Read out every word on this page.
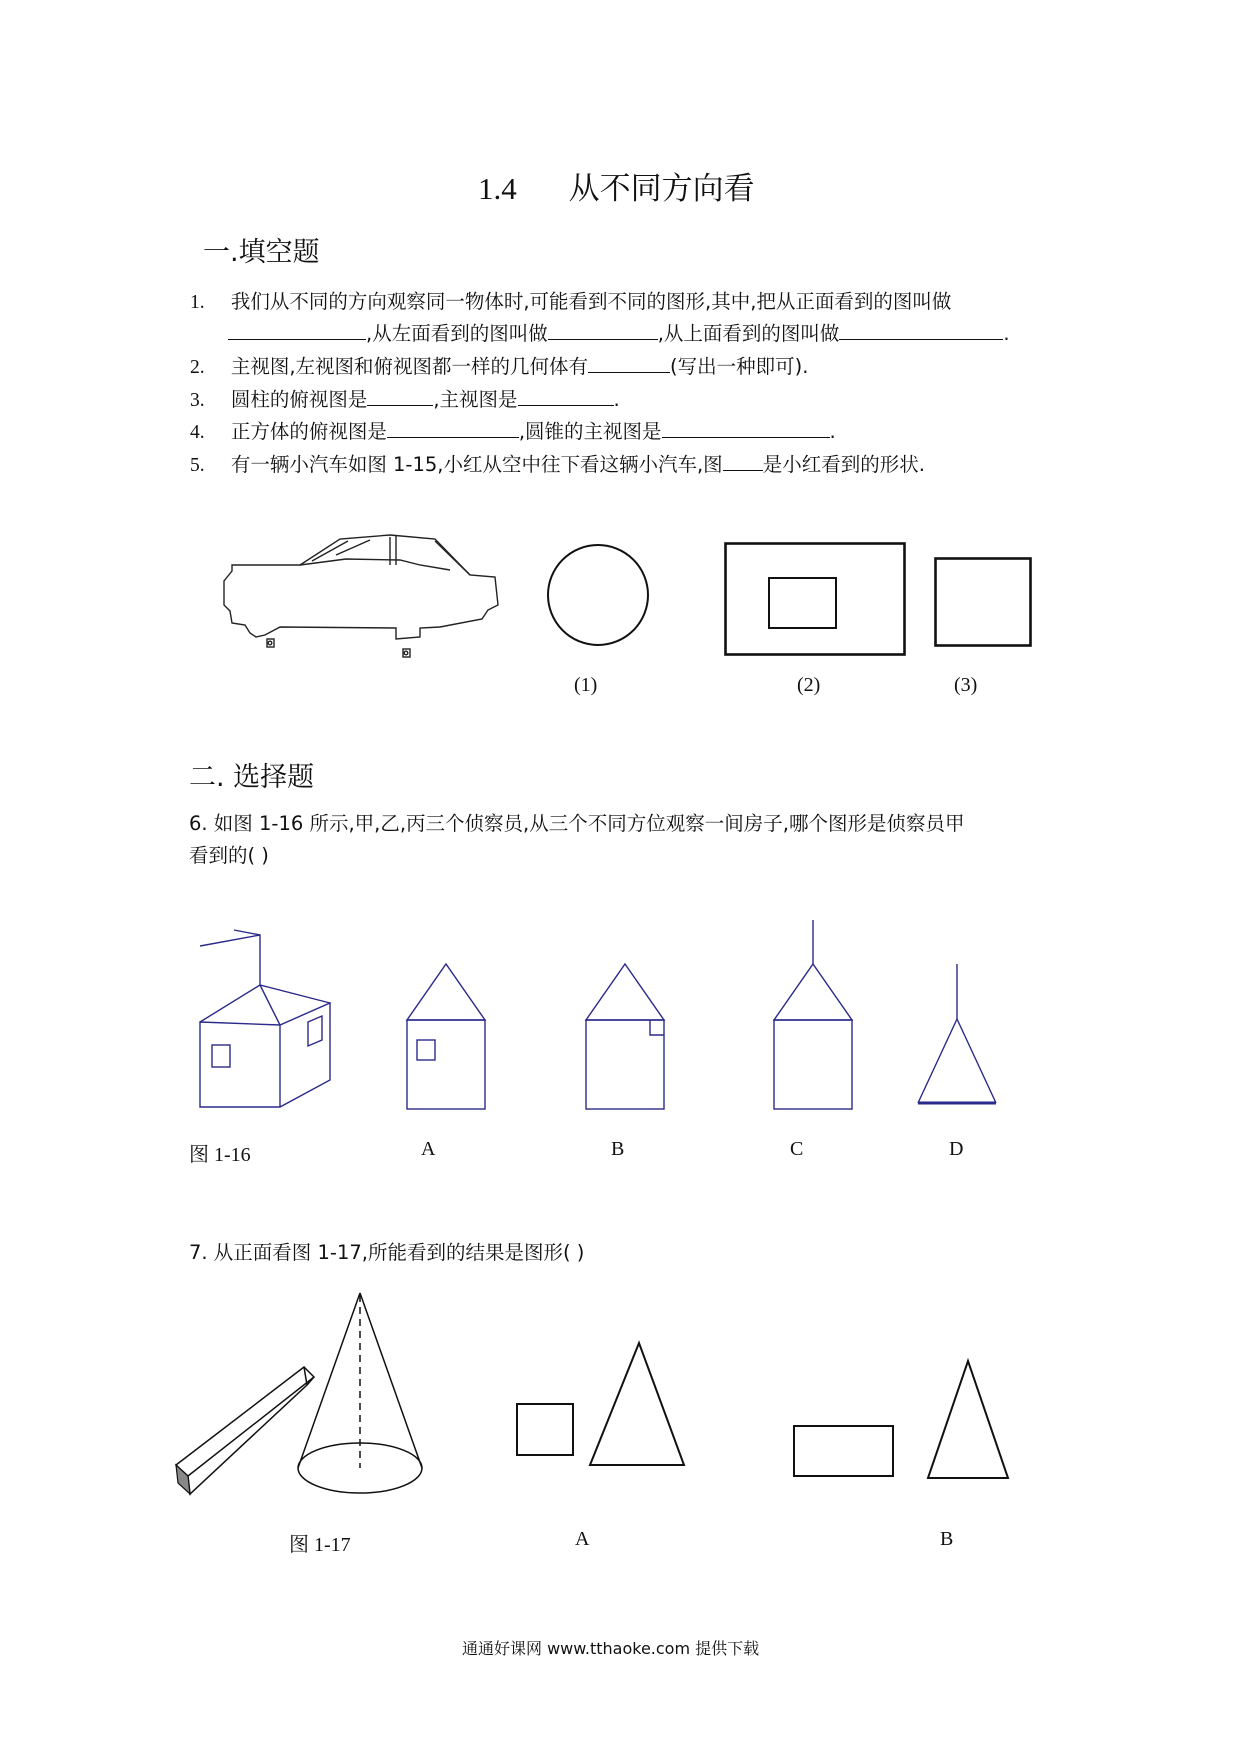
1.4 从不同方向看
一.填空题
1. 我们从不同的方向观察同一物体时,可能看到不同的图形,其中,把从正面看到的图叫做
,从左面看到的图叫做	,从上面看到的图叫做	.
2. 主视图,左视图和俯视图都一样的几何体有	(写出一种即可).
3. 圆柱的俯视图是	,主视图是	.
4. 正方体的俯视图是	,圆锥的主视图是	.
5. 有一辆小汽车如图 1-15,小红从空中往下看这辆小汽车,图 是小红看到的形状.
(1)	(2)	(3)
二. 选择题
6. 如图 1-16 所示,甲,乙,丙三个侦察员,从三个不同方位观察一间房子,哪个图形是侦察员甲
看到的( )
图 1-16	A	B	C	D
7. 从正面看图 1-17,所能看到的结果是图形( )
图 1-17	A	B
通通好课网 www.tthaoke.com 提供下载
